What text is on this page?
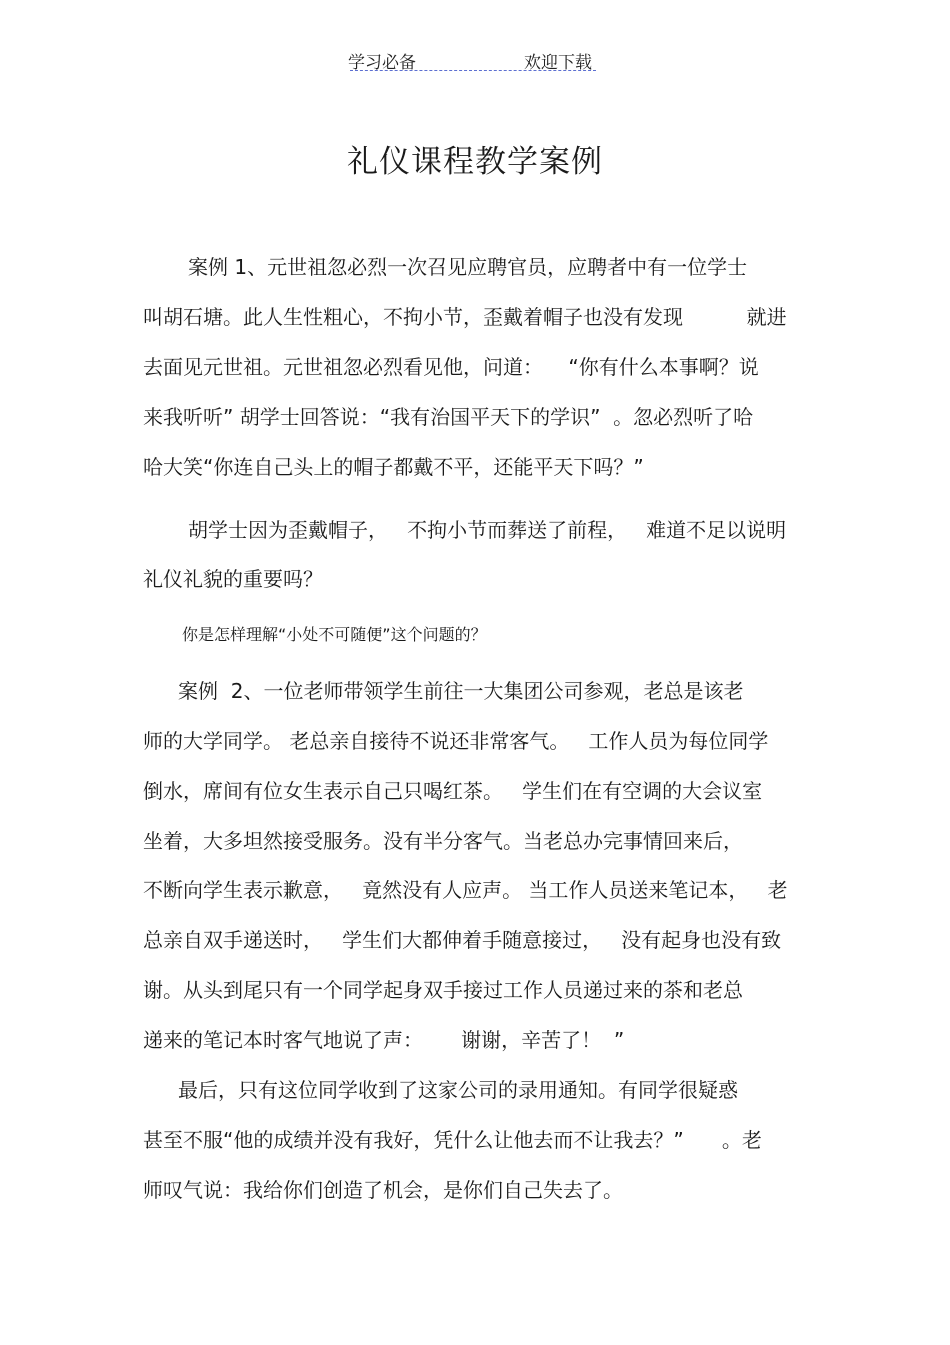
学习必备	欢迎下载
礼仪课程教学案例
案例 1、元世祖忽必烈一次召见应聘官员，应聘者中有一位学士
叫胡石塘。此人生性粗心，不拘小节，歪戴着帽子也没有发现          就进
去面见元世祖。元世祖忽必烈看见他，问道：    “你有什么本事啊？说
来我听听” 胡学士回答说：“我有治国平天下的学识”  。忽必烈听了哈
哈大笑“你连自己头上的帽子都戴不平，还能平天下吗？”
胡学士因为歪戴帽子，   不拘小节而葬送了前程，   难道不足以说明
礼仪礼貌的重要吗？
你是怎样理解“小处不可随便”这个问题的？
案例  2、一位老师带领学生前往一大集团公司参观，老总是该老
师的大学同学。 老总亲自接待不说还非常客气。   工作人员为每位同学
倒水，席间有位女生表示自己只喝红茶。   学生们在有空调的大会议室
坐着，大多坦然接受服务。没有半分客气。当老总办完事情回来后，
不断向学生表示歉意，   竟然没有人应声。 当工作人员送来笔记本，   老
总亲自双手递送时，   学生们大都伸着手随意接过，   没有起身也没有致
谢。从头到尾只有一个同学起身双手接过工作人员递过来的茶和老总
递来的笔记本时客气地说了声：      谢谢，辛苦了！  ”
最后，只有这位同学收到了这家公司的录用通知。有同学很疑惑
甚至不服“他的成绩并没有我好，凭什么让他去而不让我去？”      。老
师叹气说：我给你们创造了机会，是你们自己失去了。
